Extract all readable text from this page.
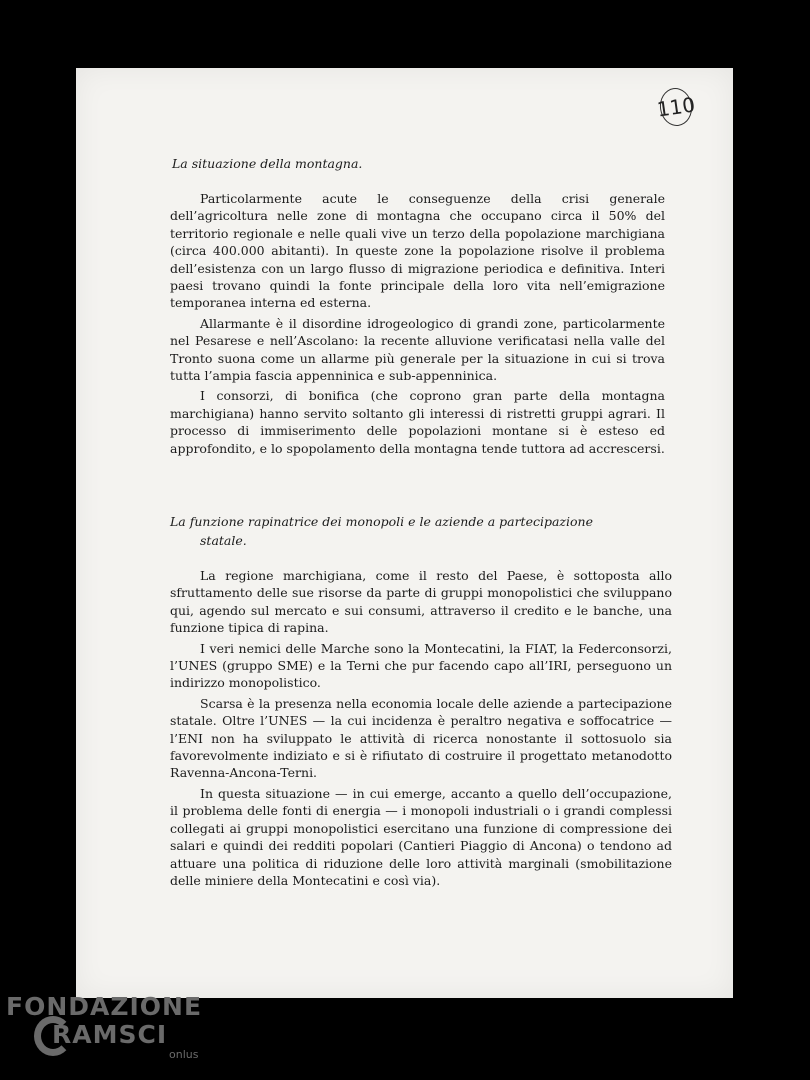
110
La situazione della montagna.

Particolarmente acute le conseguenze della crisi generale dell’agricoltura nelle zone di montagna che occupano circa il 50% del territorio regionale e nelle quali vive un terzo della popolazione marchigiana (circa 400.000 abitanti). In queste zone la popolazione risolve il problema dell’esistenza con un largo flusso di migrazione periodica e definitiva. Interi paesi trovano quindi la fonte principale della loro vita nell’emigrazione temporanea interna ed esterna.

Allarmante è il disordine idrogeologico di grandi zone, particolarmente nel Pesarese e nell’Ascolano: la recente alluvione verificatasi nella valle del Tronto suona come un allarme più generale per la situazione in cui si trova tutta l’ampia fascia appenninica e sub-appenninica.

I consorzi, di bonifica (che coprono gran parte della montagna marchigiana) hanno servito soltanto gli interessi di ristretti gruppi agrari. Il processo di immiserimento delle popolazioni montane si è esteso ed approfondito, e lo spopolamento della montagna tende tuttora ad accrescersi.

La funzione rapinatrice dei monopoli e le aziende a partecipazione
statale.

La regione marchigiana, come il resto del Paese, è sottoposta allo sfruttamento delle sue risorse da parte di gruppi monopolistici che sviluppano qui, agendo sul mercato e sui consumi, attraverso il credito e le banche, una funzione tipica di rapina.

I veri nemici delle Marche sono la Montecatini, la FIAT, la Federconsorzi, l’UNES (gruppo SME) e la Terni che pur facendo capo all’IRI, perseguono un indirizzo monopolistico.

Scarsa è la presenza nella economia locale delle aziende a partecipazione statale. Oltre l’UNES — la cui incidenza è peraltro negativa e soffocatrice — l’ENI non ha sviluppato le attività di ricerca nonostante il sottosuolo sia favorevolmente indiziato e si è rifiutato di costruire il progettato metanodotto Ravenna-Ancona-Terni.

In questa situazione — in cui emerge, accanto a quello dell’occupazione, il problema delle fonti di energia — i monopoli industriali o i grandi complessi collegati ai gruppi monopolistici esercitano una funzione di compressione dei salari e quindi dei redditi popolari (Cantieri Piaggio di Ancona) o tendono ad attuare una politica di riduzione delle loro attività marginali (smobilitazione delle miniere della Montecatini e così via).

FONDAZIONE
RAMSCI
onlus
